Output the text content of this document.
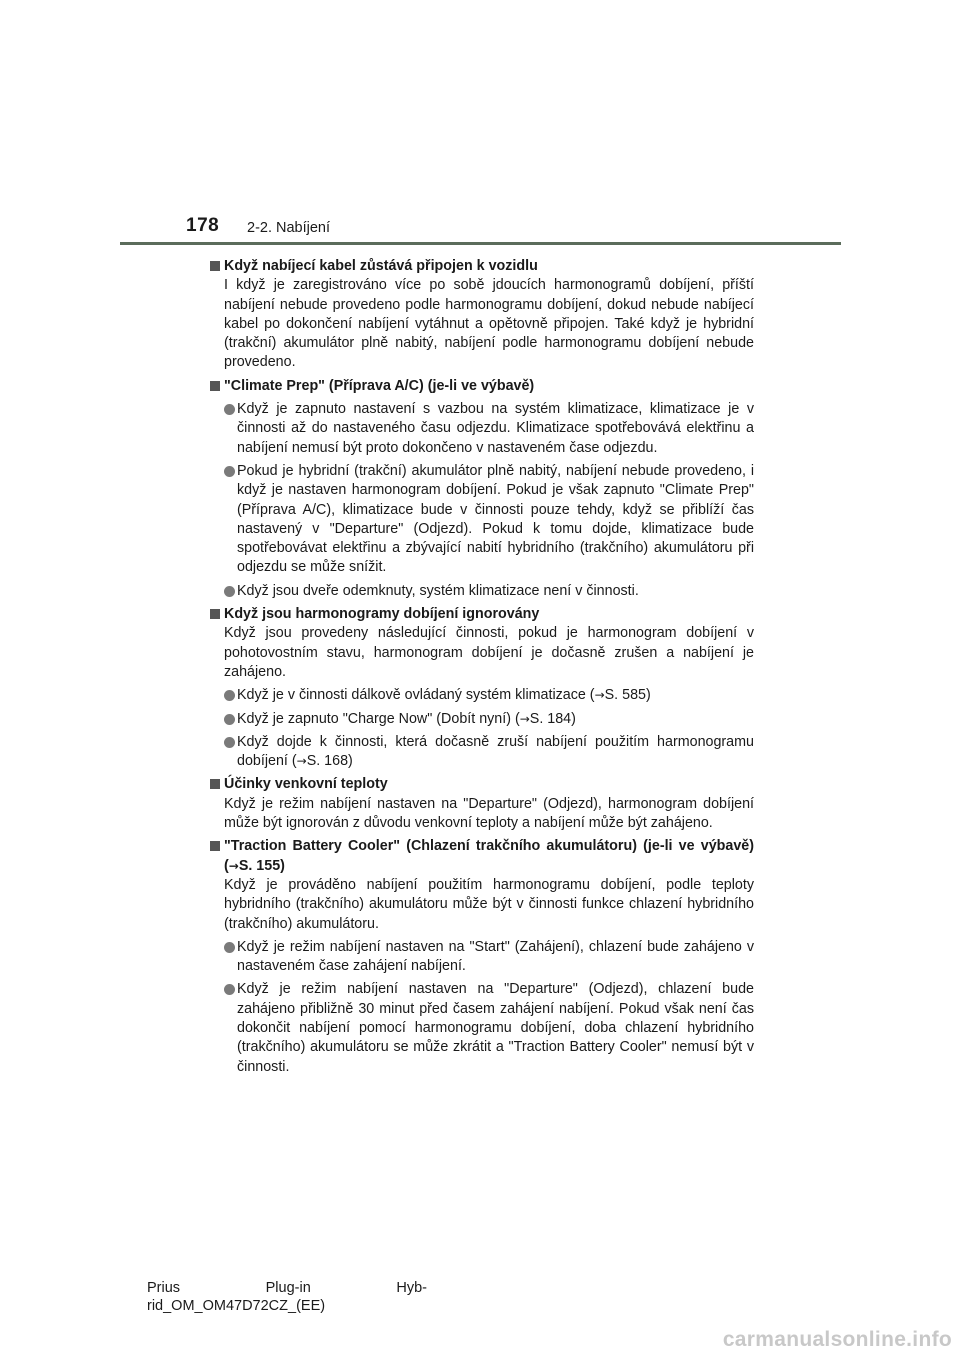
178 2-2. Nabíjení
Když nabíjecí kabel zůstává připojen k vozidlu
I když je zaregistrováno více po sobě jdoucích harmonogramů dobíjení, příští nabíjení nebude provedeno podle harmonogramu dobíjení, dokud nebude nabíjecí kabel po dokončení nabíjení vytáhnut a opětovně připojen. Také když je hybridní (trakční) akumulátor plně nabitý, nabíjení podle harmonogramu dobíjení nebude provedeno.
"Climate Prep" (Příprava A/C) (je-li ve výbavě)
Když je zapnuto nastavení s vazbou na systém klimatizace, klimatizace je v činnosti až do nastaveného času odjezdu. Klimatizace spotřebovává elektřinu a nabíjení nemusí být proto dokončeno v nastaveném čase odjezdu.
Pokud je hybridní (trakční) akumulátor plně nabitý, nabíjení nebude provedeno, i když je nastaven harmonogram dobíjení. Pokud je však zapnuto "Climate Prep" (Příprava A/C), klimatizace bude v činnosti pouze tehdy, když se přiblíží čas nastavený v "Departure" (Odjezd). Pokud k tomu dojde, klimatizace bude spotřebovávat elektřinu a zbývající nabití hybridního (trakčního) akumulátoru při odjezdu se může snížit.
Když jsou dveře odemknuty, systém klimatizace není v činnosti.
Když jsou harmonogramy dobíjení ignorovány
Když jsou provedeny následující činnosti, pokud je harmonogram dobíjení v pohotovostním stavu, harmonogram dobíjení je dočasně zrušen a nabíjení je zahájeno.
Když je v činnosti dálkově ovládaný systém klimatizace (→S. 585)
Když je zapnuto "Charge Now" (Dobít nyní) (→S. 184)
Když dojde k činnosti, která dočasně zruší nabíjení použitím harmonogramu dobíjení (→S. 168)
Účinky venkovní teploty
Když je režim nabíjení nastaven na "Departure" (Odjezd), harmonogram dobíjení může být ignorován z důvodu venkovní teploty a nabíjení může být zahájeno.
"Traction Battery Cooler" (Chlazení trakčního akumulátoru) (je-li ve výbavě) (→S. 155)
Když je prováděno nabíjení použitím harmonogramu dobíjení, podle teploty hybridního (trakčního) akumulátoru může být v činnosti funkce chlazení hybridního (trakčního) akumulátoru.
Když je režim nabíjení nastaven na "Start" (Zahájení), chlazení bude zahájeno v nastaveném čase zahájení nabíjení.
Když je režim nabíjení nastaven na "Departure" (Odjezd), chlazení bude zahájeno přibližně 30 minut před časem zahájení nabíjení. Pokud však není čas dokončit nabíjení pomocí harmonogramu dobíjení, doba chlazení hybridního (trakčního) akumulátoru se může zkrátit a "Traction Battery Cooler" nemusí být v činnosti.
Prius	Plug-in	Hyb-
rid_OM_OM47D72CZ_(EE)
carmanualsonline.info
